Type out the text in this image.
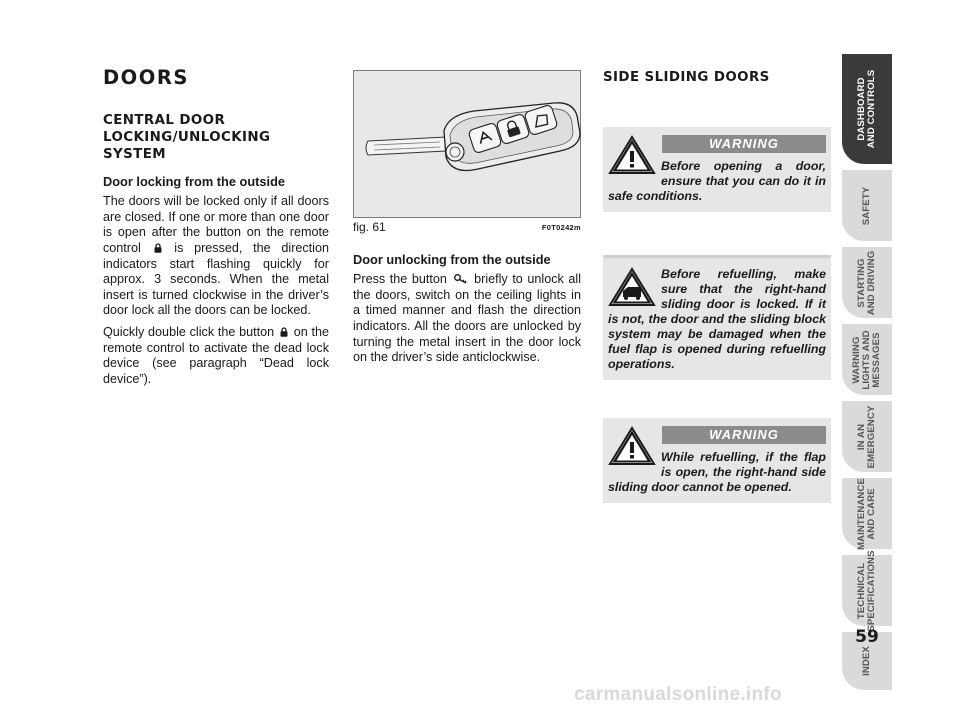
DOORS
CENTRAL DOOR LOCKING/UNLOCKING SYSTEM
Door locking from the outside

The doors will be locked only if all doors are closed. If one or more than one door is open after the button on the remote control	is pressed, the direction indicators start flashing quickly for approx. 3 seconds. When the metal insert is turned clockwise in the driver’s door lock all the doors can be locked.

Quickly double click the button on the remote control to activate the dead lock device (see paragraph “Dead lock device”).

fig. 61	F0T0242m
Door unlocking from the outside

Press the button briefly to unlock all the doors, switch on the ceiling lights in a timed manner and flash the direction indicators. All the doors are unlocked by turning the metal insert in the door lock on the driver’s side anticlockwise.

SIDE SLIDING DOORS
WARNING
Before opening a door, ensure that you can do it in safe conditions.
Before refuelling, make sure that the right-hand sliding door is locked. If it is not, the door and the sliding block system may be damaged when the fuel flap is opened during refuelling operations.
WARNING
While refuelling, if the flap is open, the right-hand side sliding door cannot be opened.
DASHBOARD
AND CONTROLS
SAFETY
STARTING
AND DRIVING
WARNING
LIGHTS AND
MESSAGES
IN AN
EMERGENCY
MAINTENANCE
AND CARE
TECHNICAL
SPECIFICATIONS
INDEX
59
carmanualsonline.info
